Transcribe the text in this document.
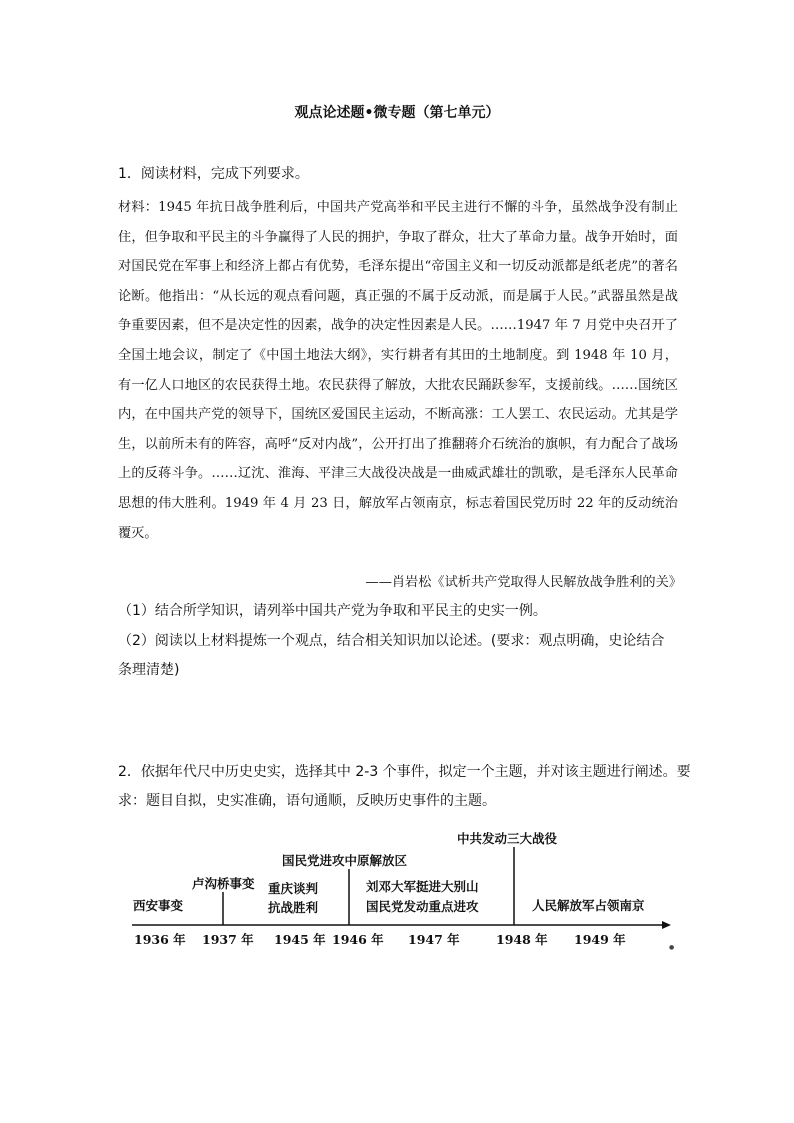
观点论述题•微专题（第七单元）
1．阅读材料，完成下列要求。

材料：1945 年抗日战争胜利后，中国共产党高举和平民主进行不懈的斗争，虽然战争没有制止住，但争取和平民主的斗争赢得了人民的拥护，争取了群众，壮大了革命力量。战争开始时，面对国民党在军事上和经济上都占有优势，毛泽东提出“帝国主义和一切反动派都是纸老虎”的著名论断。他指出：“从长远的观点看问题，真正强的不属于反动派，而是属于人民。”武器虽然是战争重要因素，但不是决定性的因素，战争的决定性因素是人民。……1947 年 7 月党中央召开了全国土地会议，制定了《中国土地法大纲》，实行耕者有其田的土地制度。到 1948 年 10 月，有一亿人口地区的农民获得土地。农民获得了解放，大批农民踊跃参军，支援前线。……国统区内，在中国共产党的领导下，国统区爱国民主运动，不断高涨：工人罢工、农民运动。尤其是学生，以前所未有的阵容，高呼“反对内战”，公开打出了推翻蒋介石统治的旗帜，有力配合了战场上的反蒋斗争。……辽沈、淮海、平津三大战役决战是一曲威武雄壮的凯歌，是毛泽东人民革命思想的伟大胜利。1949 年 4 月 23 日，解放军占领南京，标志着国民党历时 22 年的反动统治覆灭。

——肖岩松《试析共产党取得人民解放战争胜利的关》
（1）结合所学知识，请列举中国共产党为争取和平民主的史实一例。
（2）阅读以上材料提炼一个观点，结合相关知识加以论述。(要求：观点明确，史论结合条理清楚)
2．依据年代尺中历史史实，选择其中 2-3 个事件，拟定一个主题，并对该主题进行阐述。要求：题目自拟，史实准确，语句通顺，反映历史事件的主题。
1936 年 1937 年 1945 年 1946 年 1947 年	1948 年 1949 年
西安事变
卢沟桥事变 重庆谈判
抗战胜利
国民党进攻中原解放区
刘邓大军挺进大别山
国民党发动重点进攻
中共发动三大战役
人民解放军占领南京
●
